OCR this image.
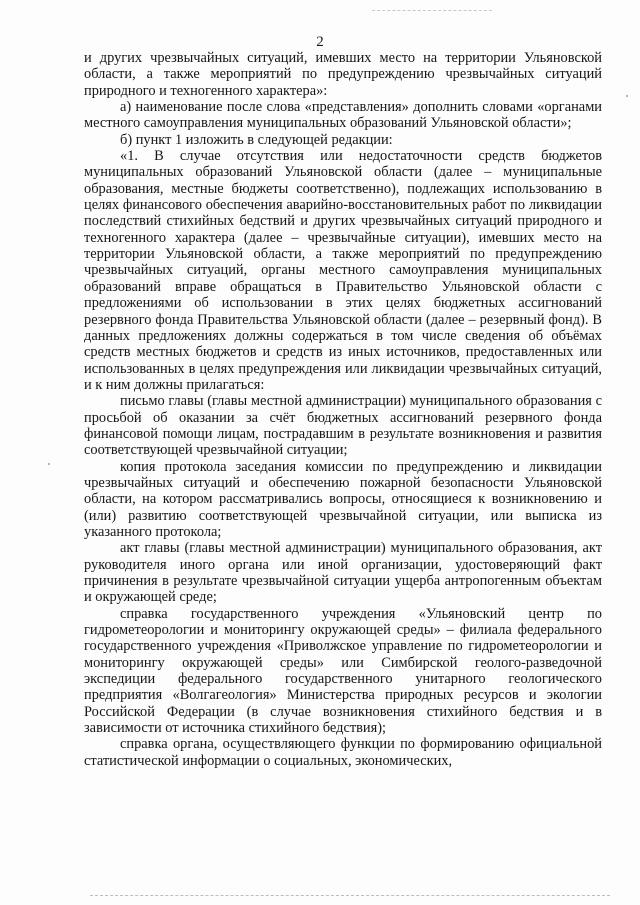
2

и других чрезвычайных ситуаций, имевших место на территории Ульяновской области, а также мероприятий по предупреждению чрезвычайных ситуаций природного и техногенного характера»:

а) наименование после слова «представления» дополнить словами «органами местного самоуправления муниципальных образований Ульяновской области»;

б) пункт 1 изложить в следующей редакции:

«1. В случае отсутствия или недостаточности средств бюджетов муниципальных образований Ульяновской области (далее – муниципальные образования, местные бюджеты соответственно), подлежащих использованию в целях финансового обеспечения аварийно-восстановительных работ по ликвидации последствий стихийных бедствий и других чрезвычайных ситуаций природного и техногенного характера (далее – чрезвычайные ситуации), имевших место на территории Ульяновской области, а также мероприятий по предупреждению чрезвычайных ситуаций, органы местного самоуправления муниципальных образований вправе обращаться в Правительство Ульяновской области с предложениями об использовании в этих целях бюджетных ассигнований резервного фонда Правительства Ульяновской области (далее – резервный фонд). В данных предложениях должны содержаться в том числе сведения об объёмах средств местных бюджетов и средств из иных источников, предоставленных или использованных в целях предупреждения или ликвидации чрезвычайных ситуаций, и к ним должны прилагаться:

письмо главы (главы местной администрации) муниципального образования с просьбой об оказании за счёт бюджетных ассигнований резервного фонда финансовой помощи лицам, пострадавшим в результате возникновения и развития соответствующей чрезвычайной ситуации;

копия протокола заседания комиссии по предупреждению и ликвидации чрезвычайных ситуаций и обеспечению пожарной безопасности Ульяновской области, на котором рассматривались вопросы, относящиеся к возникновению и (или) развитию соответствующей чрезвычайной ситуации, или выписка из указанного протокола;

акт главы (главы местной администрации) муниципального образования, акт руководителя иного органа или иной организации, удостоверяющий факт причинения в результате чрезвычайной ситуации ущерба антропогенным объектам и окружающей среде;

справка государственного учреждения «Ульяновский центр по гидрометеорологии и мониторингу окружающей среды» – филиала федерального государственного учреждения «Приволжское управление по гидрометеорологии и мониторингу окружающей среды» или Симбирской геолого-разведочной экспедиции федерального государственного унитарного геологического предприятия «Волгагеология» Министерства природных ресурсов и экологии Российской Федерации (в случае возникновения стихийного бедствия и в зависимости от источника стихийного бедствия);

справка органа, осуществляющего функции по формированию официальной статистической информации о социальных, экономических,
